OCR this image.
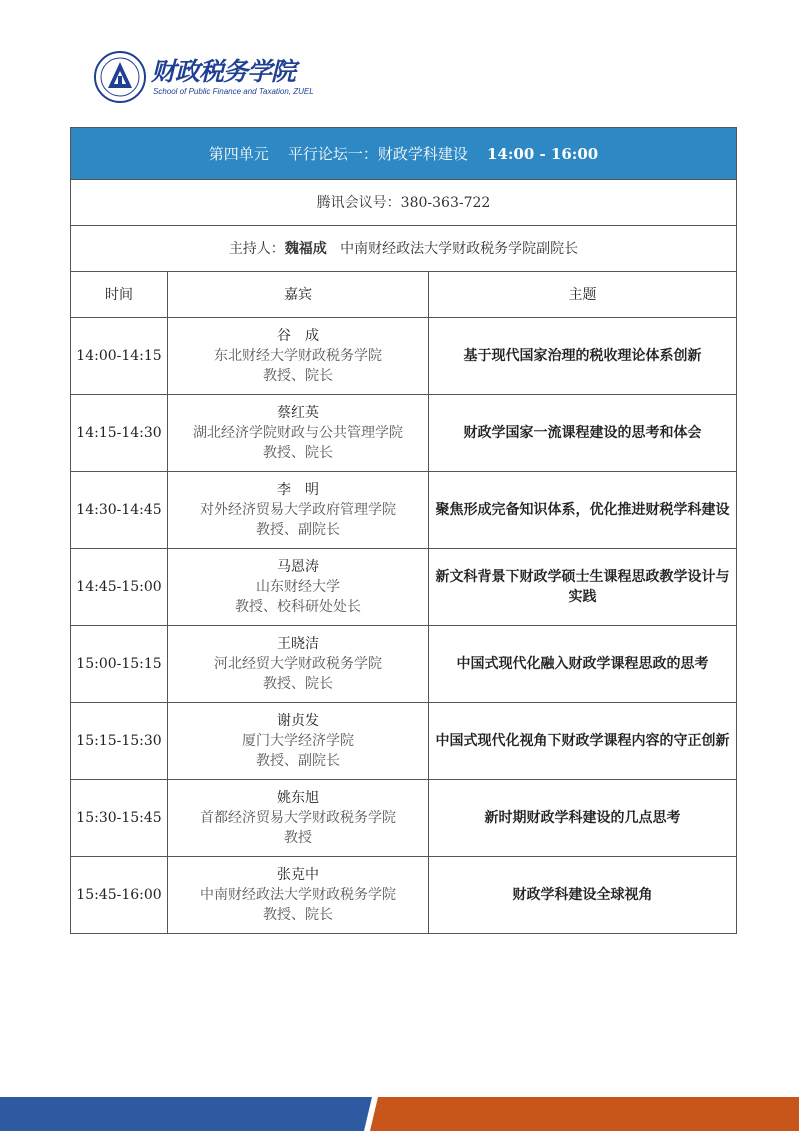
财政税务学院
School of Public Finance and Taxation, ZUEL
第四单元 平行论坛一：财政学科建设 14:00 - 16:00		
腾讯会议号：380-363-722		
主持人：魏福成 中南财经政法大学财政税务学院副院长		
时间	嘉宾	主题
14:00-14:15	谷　成
东北财经大学财政税务学院
教授、院长	基于现代国家治理的税收理论体系创新
14:15-14:30	蔡红英
湖北经济学院财政与公共管理学院
教授、院长	财政学国家一流课程建设的思考和体会
14:30-14:45	李　明
对外经济贸易大学政府管理学院
教授、副院长	聚焦形成完备知识体系，优化推进财税学科建设
14:45-15:00	马恩涛
山东财经大学
教授、校科研处处长	新文科背景下财政学硕士生课程思政教学设计与实践
15:00-15:15	王晓洁
河北经贸大学财政税务学院
教授、院长	中国式现代化融入财政学课程思政的思考
15:15-15:30	谢贞发
厦门大学经济学院
教授、副院长	中国式现代化视角下财政学课程内容的守正创新
15:30-15:45	姚东旭
首都经济贸易大学财政税务学院
教授	新时期财政学科建设的几点思考
15:45-16:00	张克中
中南财经政法大学财政税务学院
教授、院长	财政学科建设全球视角
